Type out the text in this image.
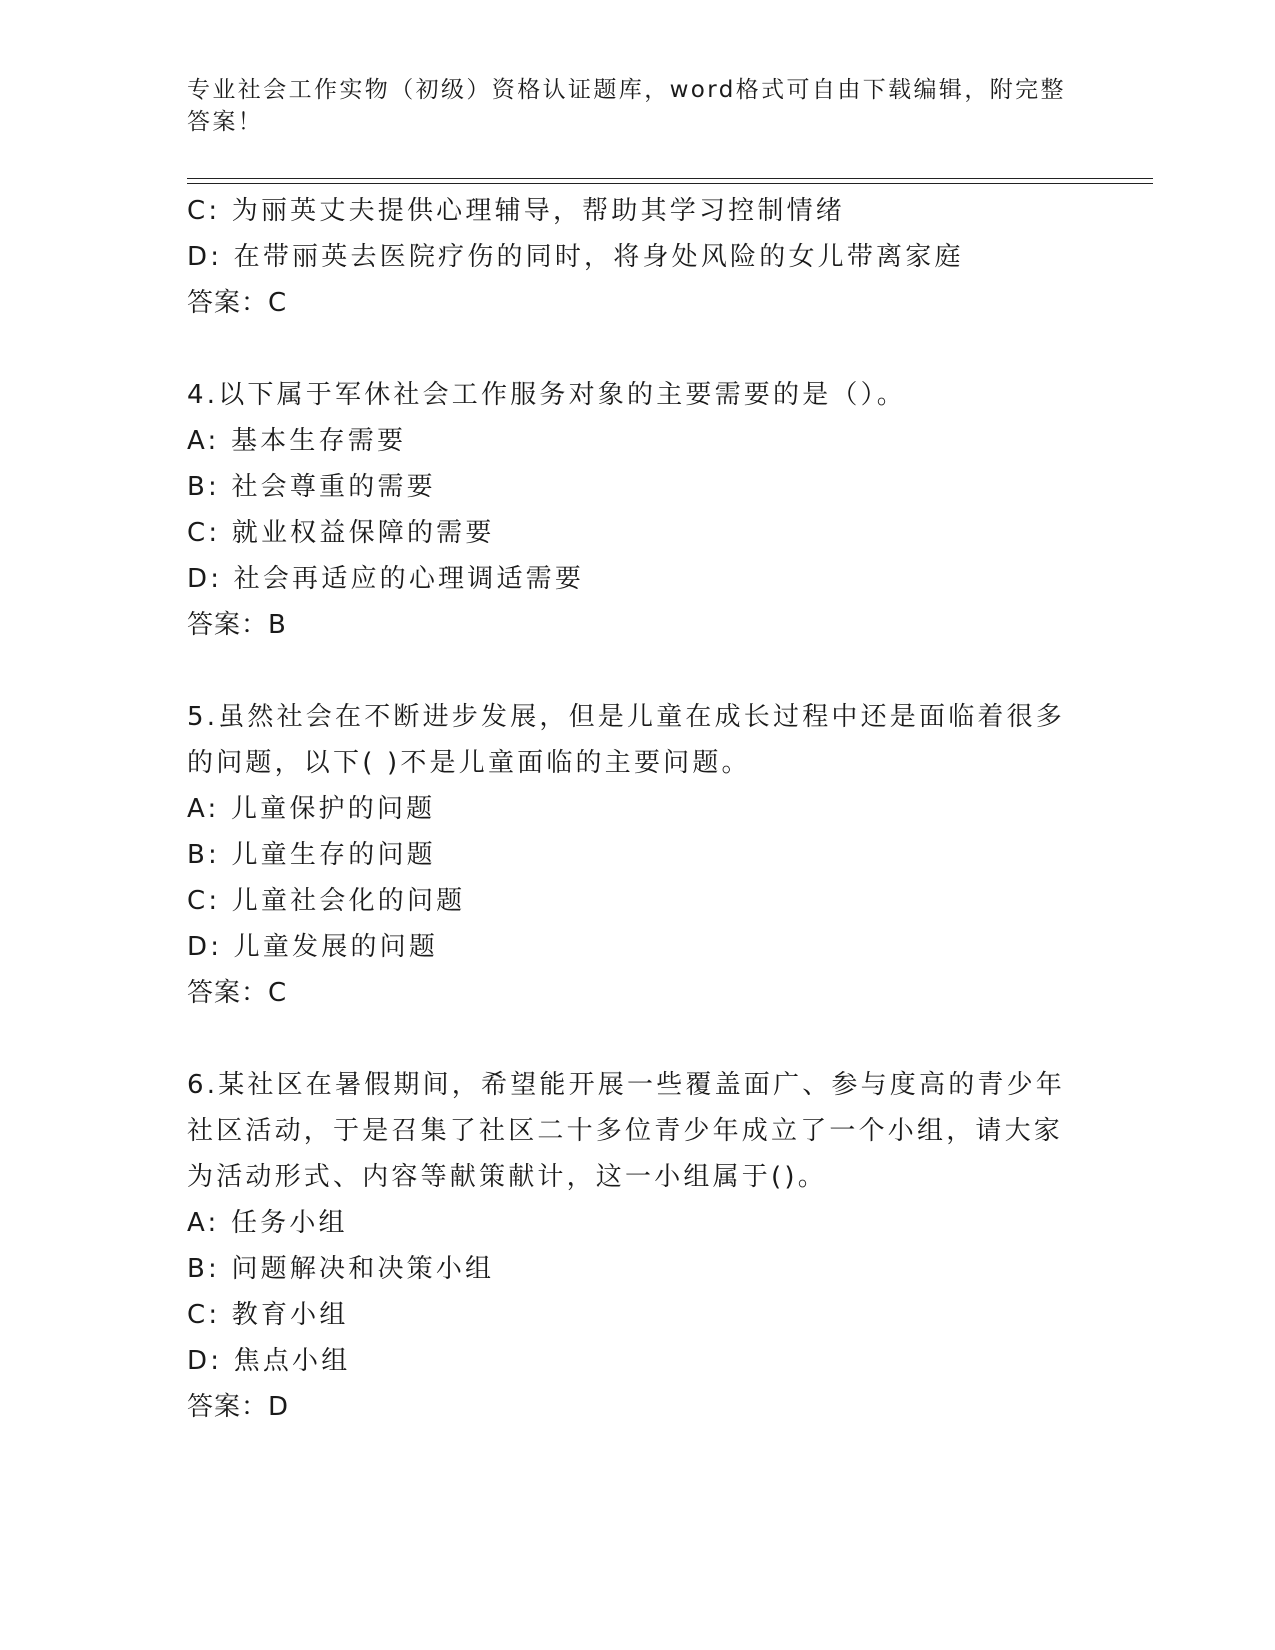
专业社会工作实物（初级）资格认证题库，word格式可自由下载编辑，附完整答案！
C: 为丽英丈夫提供心理辅导，帮助其学习控制情绪
D: 在带丽英去医院疗伤的同时，将身处风险的女儿带离家庭
答案：C
4.以下属于军休社会工作服务对象的主要需要的是（）。
A: 基本生存需要
B: 社会尊重的需要
C: 就业权益保障的需要
D: 社会再适应的心理调适需要
答案：B
5.虽然社会在不断进步发展，但是儿童在成长过程中还是面临着很多
的问题，以下( )不是儿童面临的主要问题。
A: 儿童保护的问题
B: 儿童生存的问题
C: 儿童社会化的问题
D: 儿童发展的问题
答案：C
6.某社区在暑假期间，希望能开展一些覆盖面广、参与度高的青少年
社区活动，于是召集了社区二十多位青少年成立了一个小组，请大家
为活动形式、内容等献策献计，这一小组属于()。
A: 任务小组
B: 问题解决和决策小组
C: 教育小组
D: 焦点小组
答案：D
